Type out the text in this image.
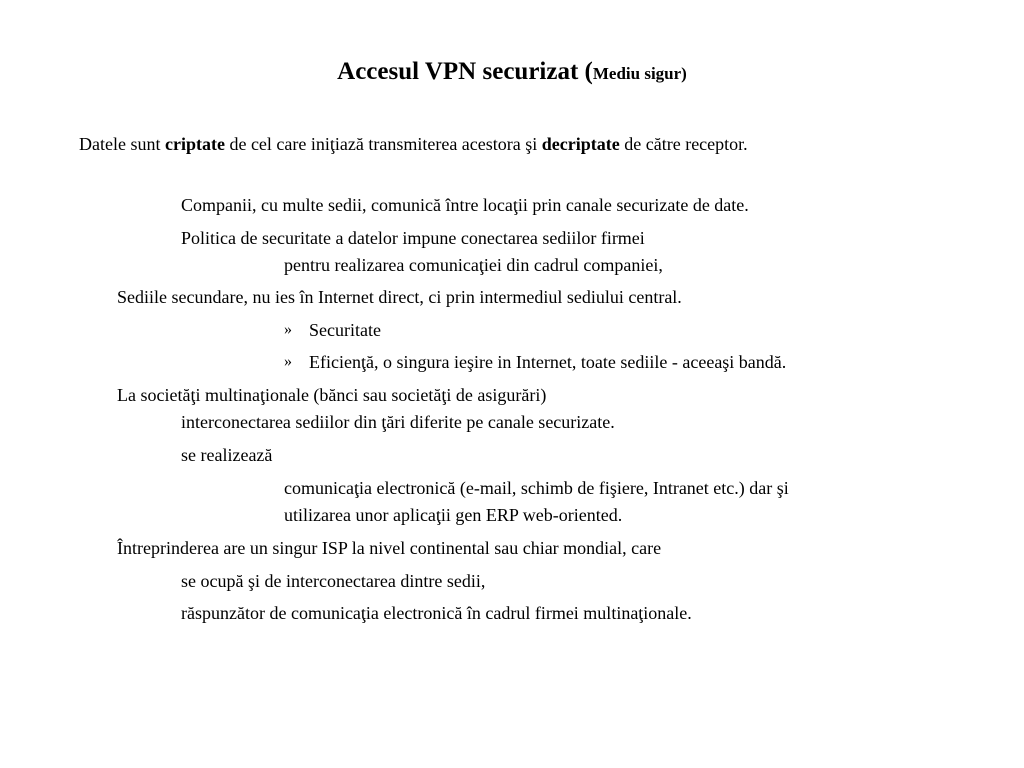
Accesul VPN securizat (Mediu sigur)
Datele sunt criptate de cel care iniţiază transmiterea acestora şi decriptate de către receptor.
Companii, cu multe sedii, comunică între locaţii prin canale securizate de date.
Politica de securitate a datelor impune conectarea sediilor firmei
pentru realizarea comunicaţiei din cadrul companiei,
Sediile secundare, nu ies în Internet direct, ci prin intermediul sediului central.
» Securitate
» Eficienţă, o singura ieşire in Internet, toate sediile - aceeaşi bandă.
La societăţi multinaţionale (bănci sau societăţi de asigurări)
interconectarea sediilor din ţări diferite pe canale securizate.
se realizează
comunicaţia electronică (e-mail, schimb de fişiere, Intranet etc.) dar şi
utilizarea unor aplicaţii gen ERP web-oriented.
Întreprinderea are un singur ISP la nivel continental sau chiar mondial, care
se ocupă şi de interconectarea dintre sedii,
răspunzător de comunicaţia electronică în cadrul firmei multinaţionale.
